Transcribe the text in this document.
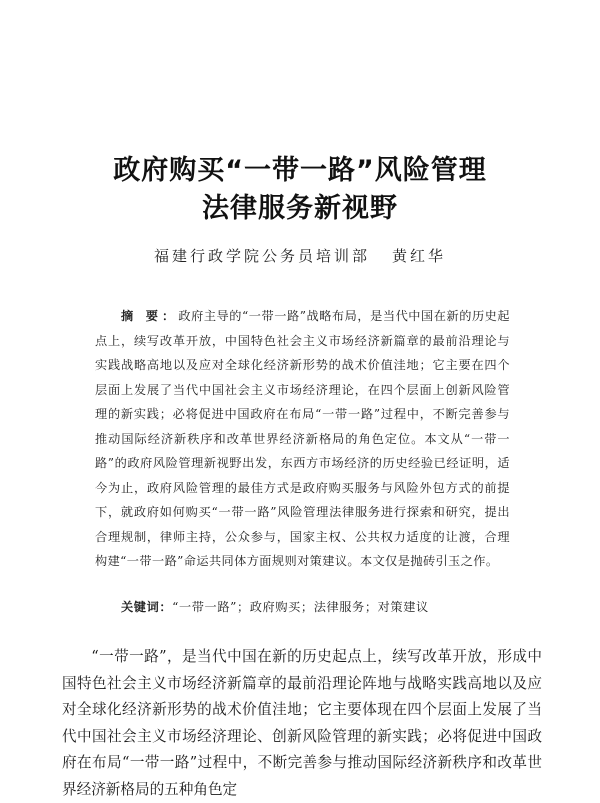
政府购买“一带一路”风险管理
法律服务新视野
福建行政学院公务员培训部 黄红华
摘 要：政府主导的“一带一路”战略布局，是当代中国在新的历史起点上，续写改革开放，中国特色社会主义市场经济新篇章的最前沿理论与实践战略高地以及应对全球化经济新形势的战术价值洼地；它主要在四个层面上发展了当代中国社会主义市场经济理论，在四个层面上创新风险管理的新实践；必将促进中国政府在布局“一带一路”过程中，不断完善参与推动国际经济新秩序和改革世界经济新格局的角色定位。本文从“一带一路”的政府风险管理新视野出发，东西方市场经济的历史经验已经证明，适今为止，政府风险管理的最佳方式是政府购买服务与风险外包方式的前提下，就政府如何购买“一带一路”风险管理法律服务进行探索和研究，提出合理规制，律师主持，公众参与，国家主权、公共权力适度的让渡，合理构建“一带一路”命运共同体方面规则对策建议。本文仅是抛砖引玉之作。
关键词：“一带一路”；政府购买；法律服务；对策建议
“一带一路”，是当代中国在新的历史起点上，续写改革开放，形成中国特色社会主义市场经济新篇章的最前沿理论阵地与战略实践高地以及应对全球化经济新形势的战术价值洼地；它主要体现在四个层面上发展了当代中国社会主义市场经济理论、创新风险管理的新实践；必将促进中国政府在布局“一带一路”过程中，不断完善参与推动国际经济新秩序和改革世界经济新格局的五种角色定
